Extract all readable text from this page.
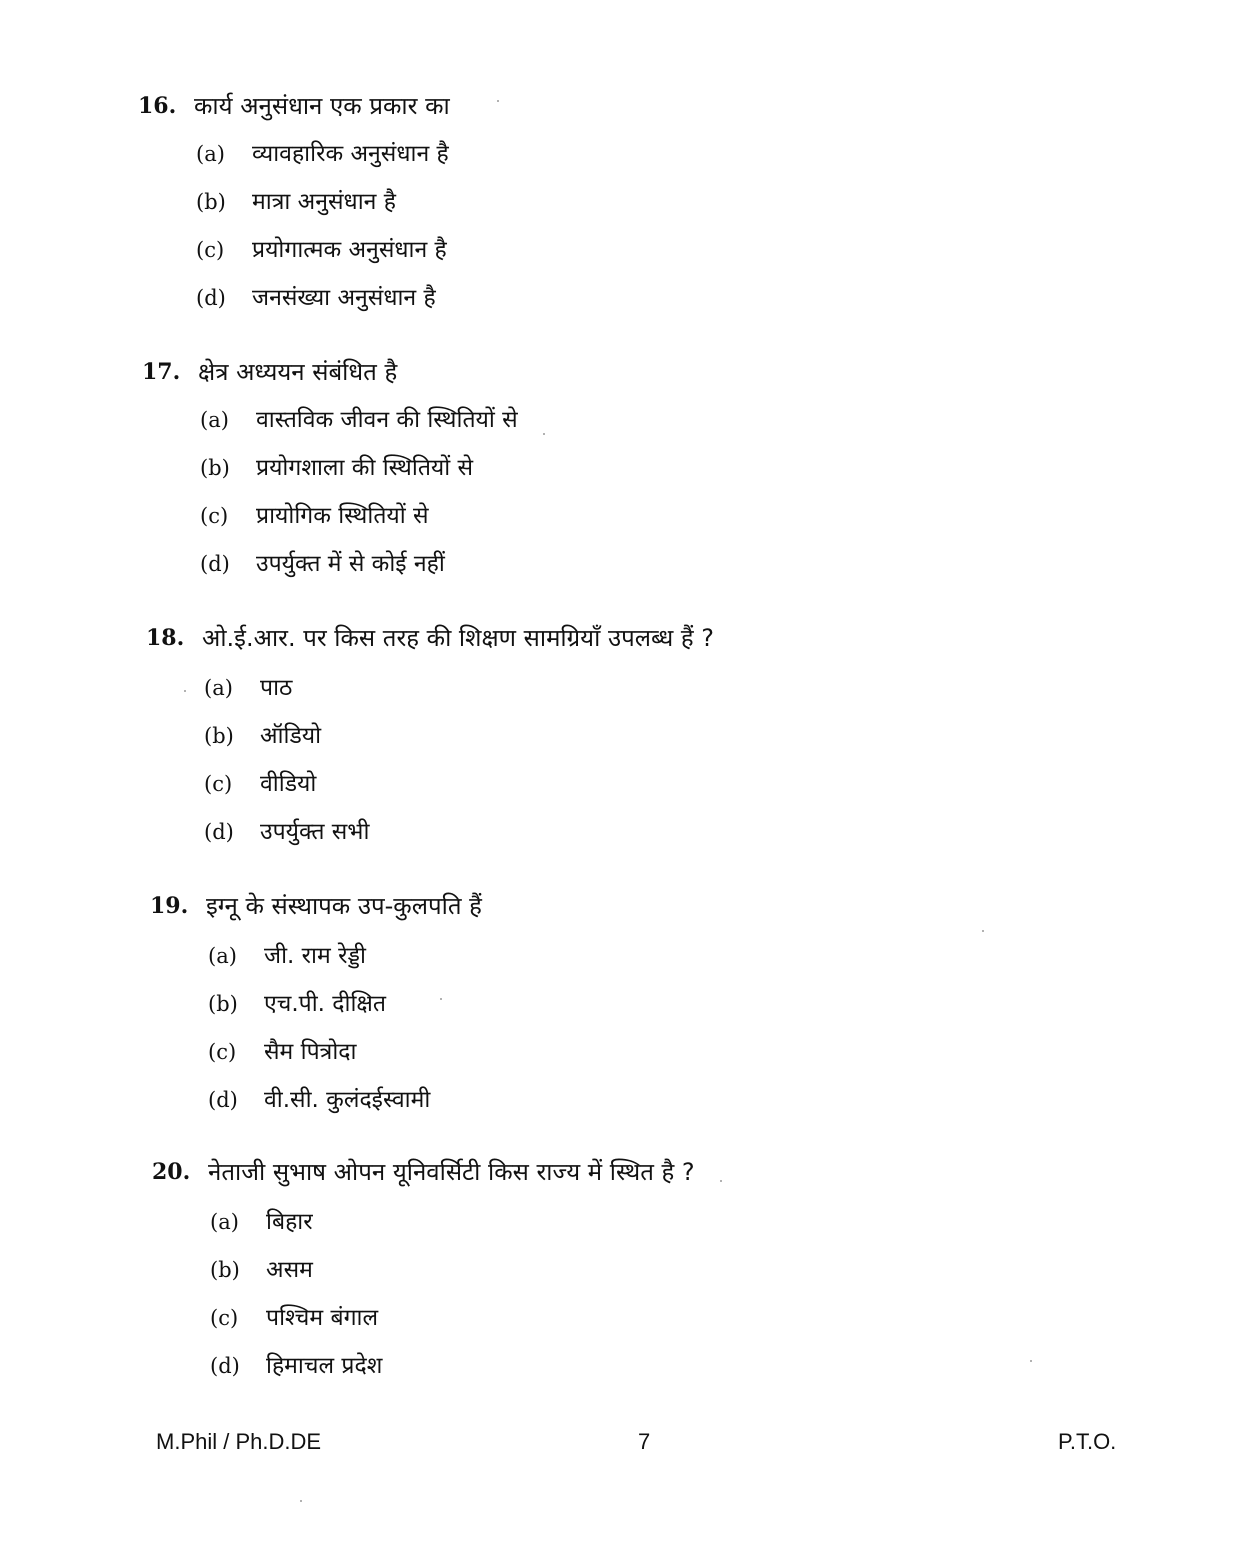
16. कार्य अनुसंधान एक प्रकार का
(a) व्यावहारिक अनुसंधान है
(b) मात्रा अनुसंधान है
(c) प्रयोगात्मक अनुसंधान है
(d) जनसंख्या अनुसंधान है
17. क्षेत्र अध्ययन संबंधित है
(a) वास्तविक जीवन की स्थितियों से
(b) प्रयोगशाला की स्थितियों से
(c) प्रायोगिक स्थितियों से
(d) उपर्युक्त में से कोई नहीं
18. ओ.ई.आर. पर किस तरह की शिक्षण सामग्रियाँ उपलब्ध हैं ?
(a) पाठ
(b) ऑडियो
(c) वीडियो
(d) उपर्युक्त सभी
19. इग्नू के संस्थापक उप-कुलपति हैं
(a) जी. राम रेड्डी
(b) एच.पी. दीक्षित
(c) सैम पित्रोदा
(d) वी.सी. कुलंदईस्वामी
20. नेताजी सुभाष ओपन यूनिवर्सिटी किस राज्य में स्थित है ?
(a) बिहार
(b) असम
(c) पश्चिम बंगाल
(d) हिमाचल प्रदेश
M.Phil / Ph.D.DE	7	P.T.O.
